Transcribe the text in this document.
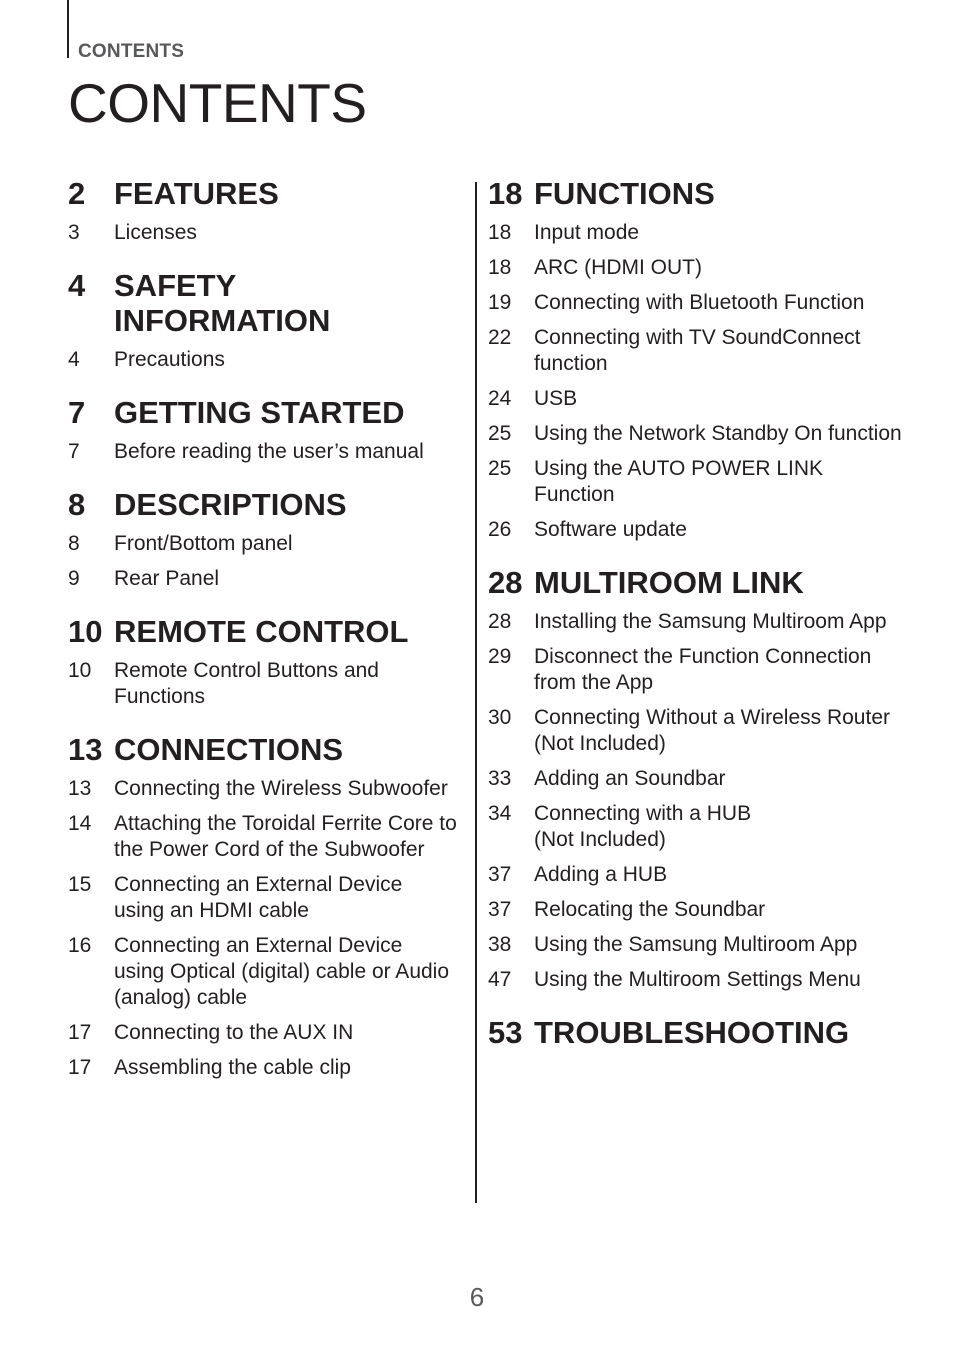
CONTENTS
CONTENTS
2 FEATURES
3	Licenses
4 SAFETY INFORMATION
4	Precautions
7 GETTING STARTED
7	Before reading the user’s manual
8 DESCRIPTIONS
8	Front/Bottom panel
9	Rear Panel
10 REMOTE CONTROL
10	Remote Control Buttons and Functions
13 CONNECTIONS
13	Connecting the Wireless Subwoofer
14	Attaching the Toroidal Ferrite Core to the Power Cord of the Subwoofer
15	Connecting an External Device using an HDMI cable
16	Connecting an External Device using Optical (digital) cable or Audio (analog) cable
17	Connecting to the AUX IN
17	Assembling the cable clip
18 FUNCTIONS
18	Input mode
18	ARC (HDMI OUT)
19	Connecting with Bluetooth Function
22	Connecting with TV SoundConnect function
24	USB
25	Using the Network Standby On function
25	Using the AUTO POWER LINK Function
26	Software update
28 MULTIROOM LINK
28	Installing the Samsung Multiroom App
29	Disconnect the Function Connection from the App
30	Connecting Without a Wireless Router (Not Included)
33	Adding an Soundbar
34	Connecting with a HUB
(Not Included)
37	Adding a HUB
37	Relocating the Soundbar
38	Using the Samsung Multiroom App
47	Using the Multiroom Settings Menu
53 TROUBLESHOOTING
6
